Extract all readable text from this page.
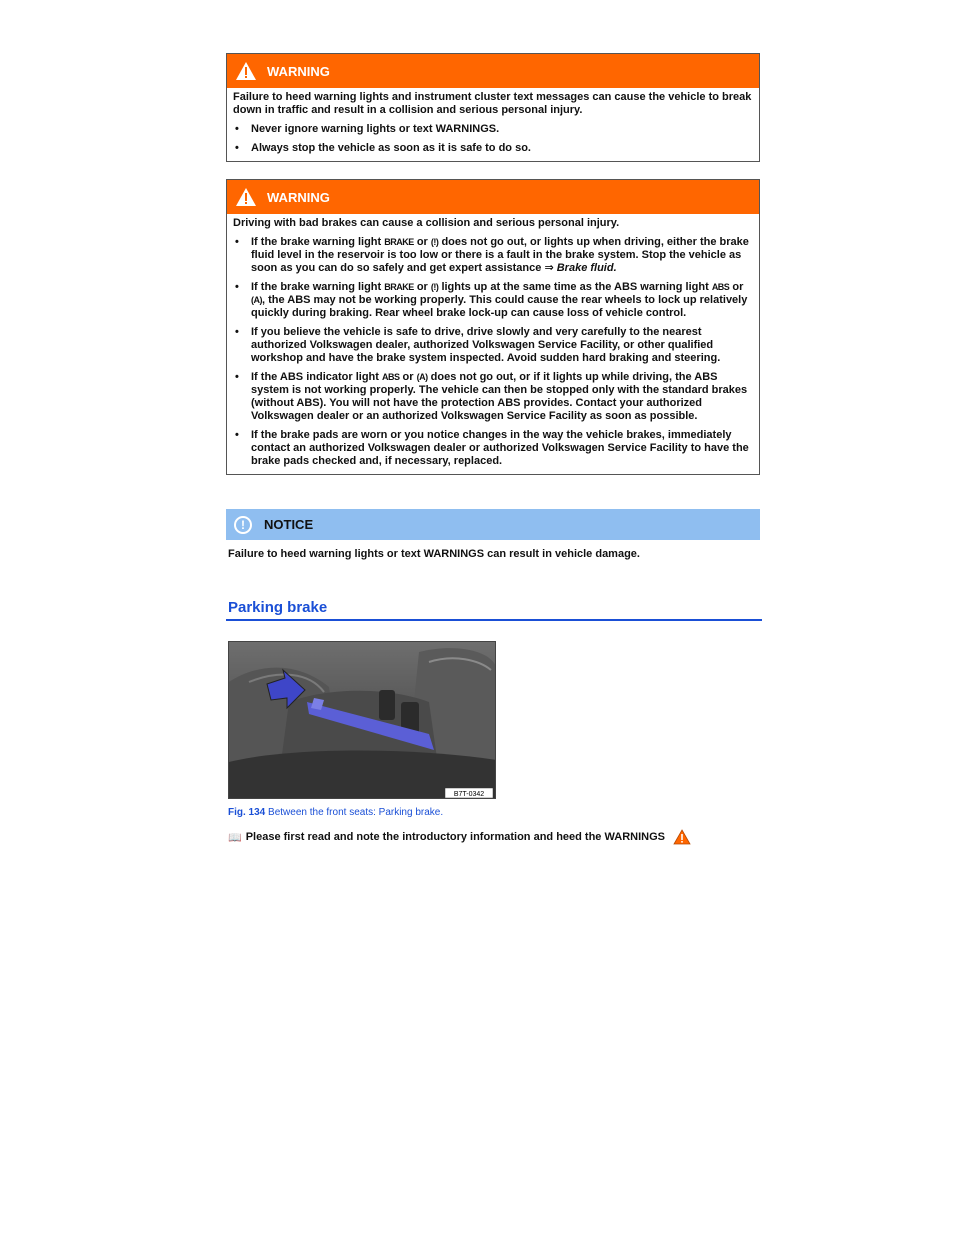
WARNING

Failure to heed warning lights and instrument cluster text messages can cause the vehicle to break down in traffic and result in a collision and serious personal injury.

•	Never ignore warning lights or text WARNINGS.
•	Always stop the vehicle as soon as it is safe to do so.
WARNING

Driving with bad brakes can cause a collision and serious personal injury.

•	If the brake warning light BRAKE or (!) does not go out, or lights up when driving, either the brake fluid level in the reservoir is too low or there is a fault in the brake system. Stop the vehicle as soon as you can do so safely and get expert assistance ⇒ Brake fluid.
•	If the brake warning light BRAKE or (!) lights up at the same time as the ABS warning light ABS or (A), the ABS may not be working properly. This could cause the rear wheels to lock up relatively quickly during braking. Rear wheel brake lock-up can cause loss of vehicle control.
•	If you believe the vehicle is safe to drive, drive slowly and very carefully to the nearest authorized Volkswagen dealer, authorized Volkswagen Service Facility, or other qualified workshop and have the brake system inspected. Avoid sudden hard braking and steering.
•	If the ABS indicator light ABS or (A) does not go out, or if it lights up while driving, the ABS system is not working properly. The vehicle can then be stopped only with the standard brakes (without ABS). You will not have the protection ABS provides. Contact your authorized Volkswagen dealer or an authorized Volkswagen Service Facility as soon as possible.
•	If the brake pads are worn or you notice changes in the way the vehicle brakes, immediately contact an authorized Volkswagen dealer or authorized Volkswagen Service Facility to have the brake pads checked and, if necessary, replaced.
!	NOTICE
Failure to heed warning lights or text WARNINGS can result in vehicle damage.
Parking brake
B7T-0342
Fig. 134 Between the front seats: Parking brake.
📖 Please first read and note the introductory information and heed the WARNINGS
